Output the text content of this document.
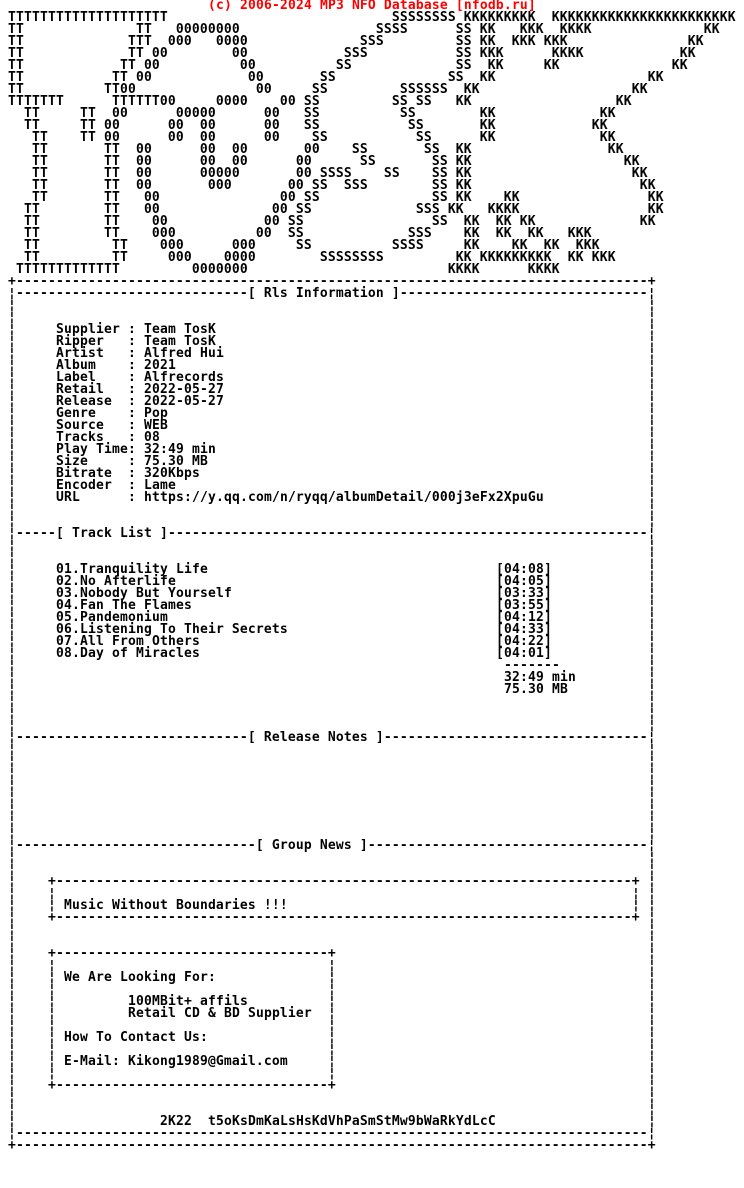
(c) 2006-2024 MP3 NFO Database [nfodb.ru]
TTTTTTTTTTTTTTTTTTTT                            SSSSSSSS KKKKKKKKK  KKKKKKKKKKKKKKKKKKKKKKK
TT              TT   00000000                 SSSS      SS KK   KKK  KKKK              KK
TT             TTT  000   0000              SSS         SS KK  KKK KKK               KK
TT             TT 00        00            SSS           SS KKK      KKKK            KK
TT            TT 00          00          SS             SS  KK     KK              KK
TT           TT 00            00       SS              SS  KK                   KK
TT          TT00               00     SS         SSSSSS  KK                   KK
TTTTTTT      TTTTTT00     0000    00 SS         SS SS   KK                  KK
TT     TT  00      00000      00   SS          SS        KK             KK
TT     TT 00      00  00      00   SS           SS       KK            KK
TT    TT 00      00  00      00    SS           SS      KK             KK
TT       TT  00      00  00       00    SS       SS  KK                 KK
TT       TT  00      00  00      00      SS       SS KK                   KK
TT       TT  00      00000       00 SSSS    SS    SS KK                    KK
TT       TT  00       000       00 SS  SSS        SS KK                     KK
TT       TT   00               00 SS              SS KK    KK                KK
TT        TT   00              00 SS             SSS KK   KKKK                KK
TT        TT    00            00 SS                SS  KK  KK KK             KK
TT        TT    000          00  SS             SSS    KK  KK  KK   KKK
TT         TT    000      000     SS          SSSS     KK    KK  KK  KKK
TT         TT     000    0000        SSSSSSSS         KK KKKKKKKKK  KK KKK
TTTTTTTTTTTTT         0000000                         KKKK      KKKK
+ -------------------------------------------------------------------------------+
¦ -----------------------------[ Rls Information ]-------------------------------¦
¦  ¦
¦  ¦
¦ Supplier : Team TosK
¦
¦ Ripper : Team TosK
¦
¦ Artist : Alfred Hui
¦
¦ Album : 2021
¦
¦ Label : Alfrecords
¦
¦ Retail : 2022-05-27
¦
¦ Release : 2022-05-27
¦
¦ Genre : Pop
¦
¦ Source : WEB
¦
¦ Tracks : 08
¦
¦ Play Time : 32:49 min
¦
¦ Size	: 75.30 MB
¦
¦ Bitrate : 320Kbps
¦
¦ Encoder : Lame
¦
¦ URL	: https://y.qq.com/n/ryqq/albumDetail/000j3eFx2XpuGu
¦
¦  ¦
¦  ¦
¦ -----[ Track List ]------------------------------------------------------------¦
¦  ¦
¦  ¦
¦ 01. Tranquility Life	[04:08]
¦
¦ 02. No Afterlife	[04:05]
¦
¦ 03. Nobody But Yourself	[03:33]
¦
¦ 04. Fan The Flames	[03:55]
¦
¦ 05. Pandemonium	[04:12]
¦
¦ 06. Listening To Their Secrets	[04:33]
¦
¦ 07. All From Others	[04:22]
¦
¦ 08. Day of Miracles	[04:01]
¦
¦ -------
¦
¦ 32:49 min
¦
¦ 75.30 MB
¦
¦  ¦
¦  ¦
¦  ¦
¦ -----------------------------[ Release Notes ]---------------------------------¦
¦  ¦
¦  ¦
¦  ¦
¦  ¦
¦  ¦
¦  ¦
¦  ¦
¦  ¦
¦ ------------------------------[ Group News ]-----------------------------------¦
¦  ¦
¦  ¦
+ ¦ ------------------------------------------------------------------------+
¦
¦
¦
¦
¦
¦
¦ Music Without Boundaries !!!
¦
¦
+ ¦ ------------------------------------------------------------------------+
¦
¦  ¦
¦  ¦
+ ¦ ----------------------------------+
¦
¦
¦
¦
¦
¦
¦ We Are Looking For:
¦
¦
¦
¦
¦
¦
¦
¦ 100MBit+ affils
¦
¦
¦
¦ Retail CD & BD Supplier
¦
¦
¦
¦
¦
¦
¦
¦ How To Contact Us:
¦
¦
¦
¦
¦
¦
¦
¦ E-Mail: Kikong1989@Gmail.com
¦
¦
¦
¦
¦
¦
+ ¦ ----------------------------------+
¦
¦  ¦
¦  ¦
¦ 2K22  t5oKsDmKaLsHsKdVhPaSmStMw9bWaRkYdLcC
¦
¦ -------------------------------------------------------------------------------¦
+ -------------------------------------------------------------------------------+
